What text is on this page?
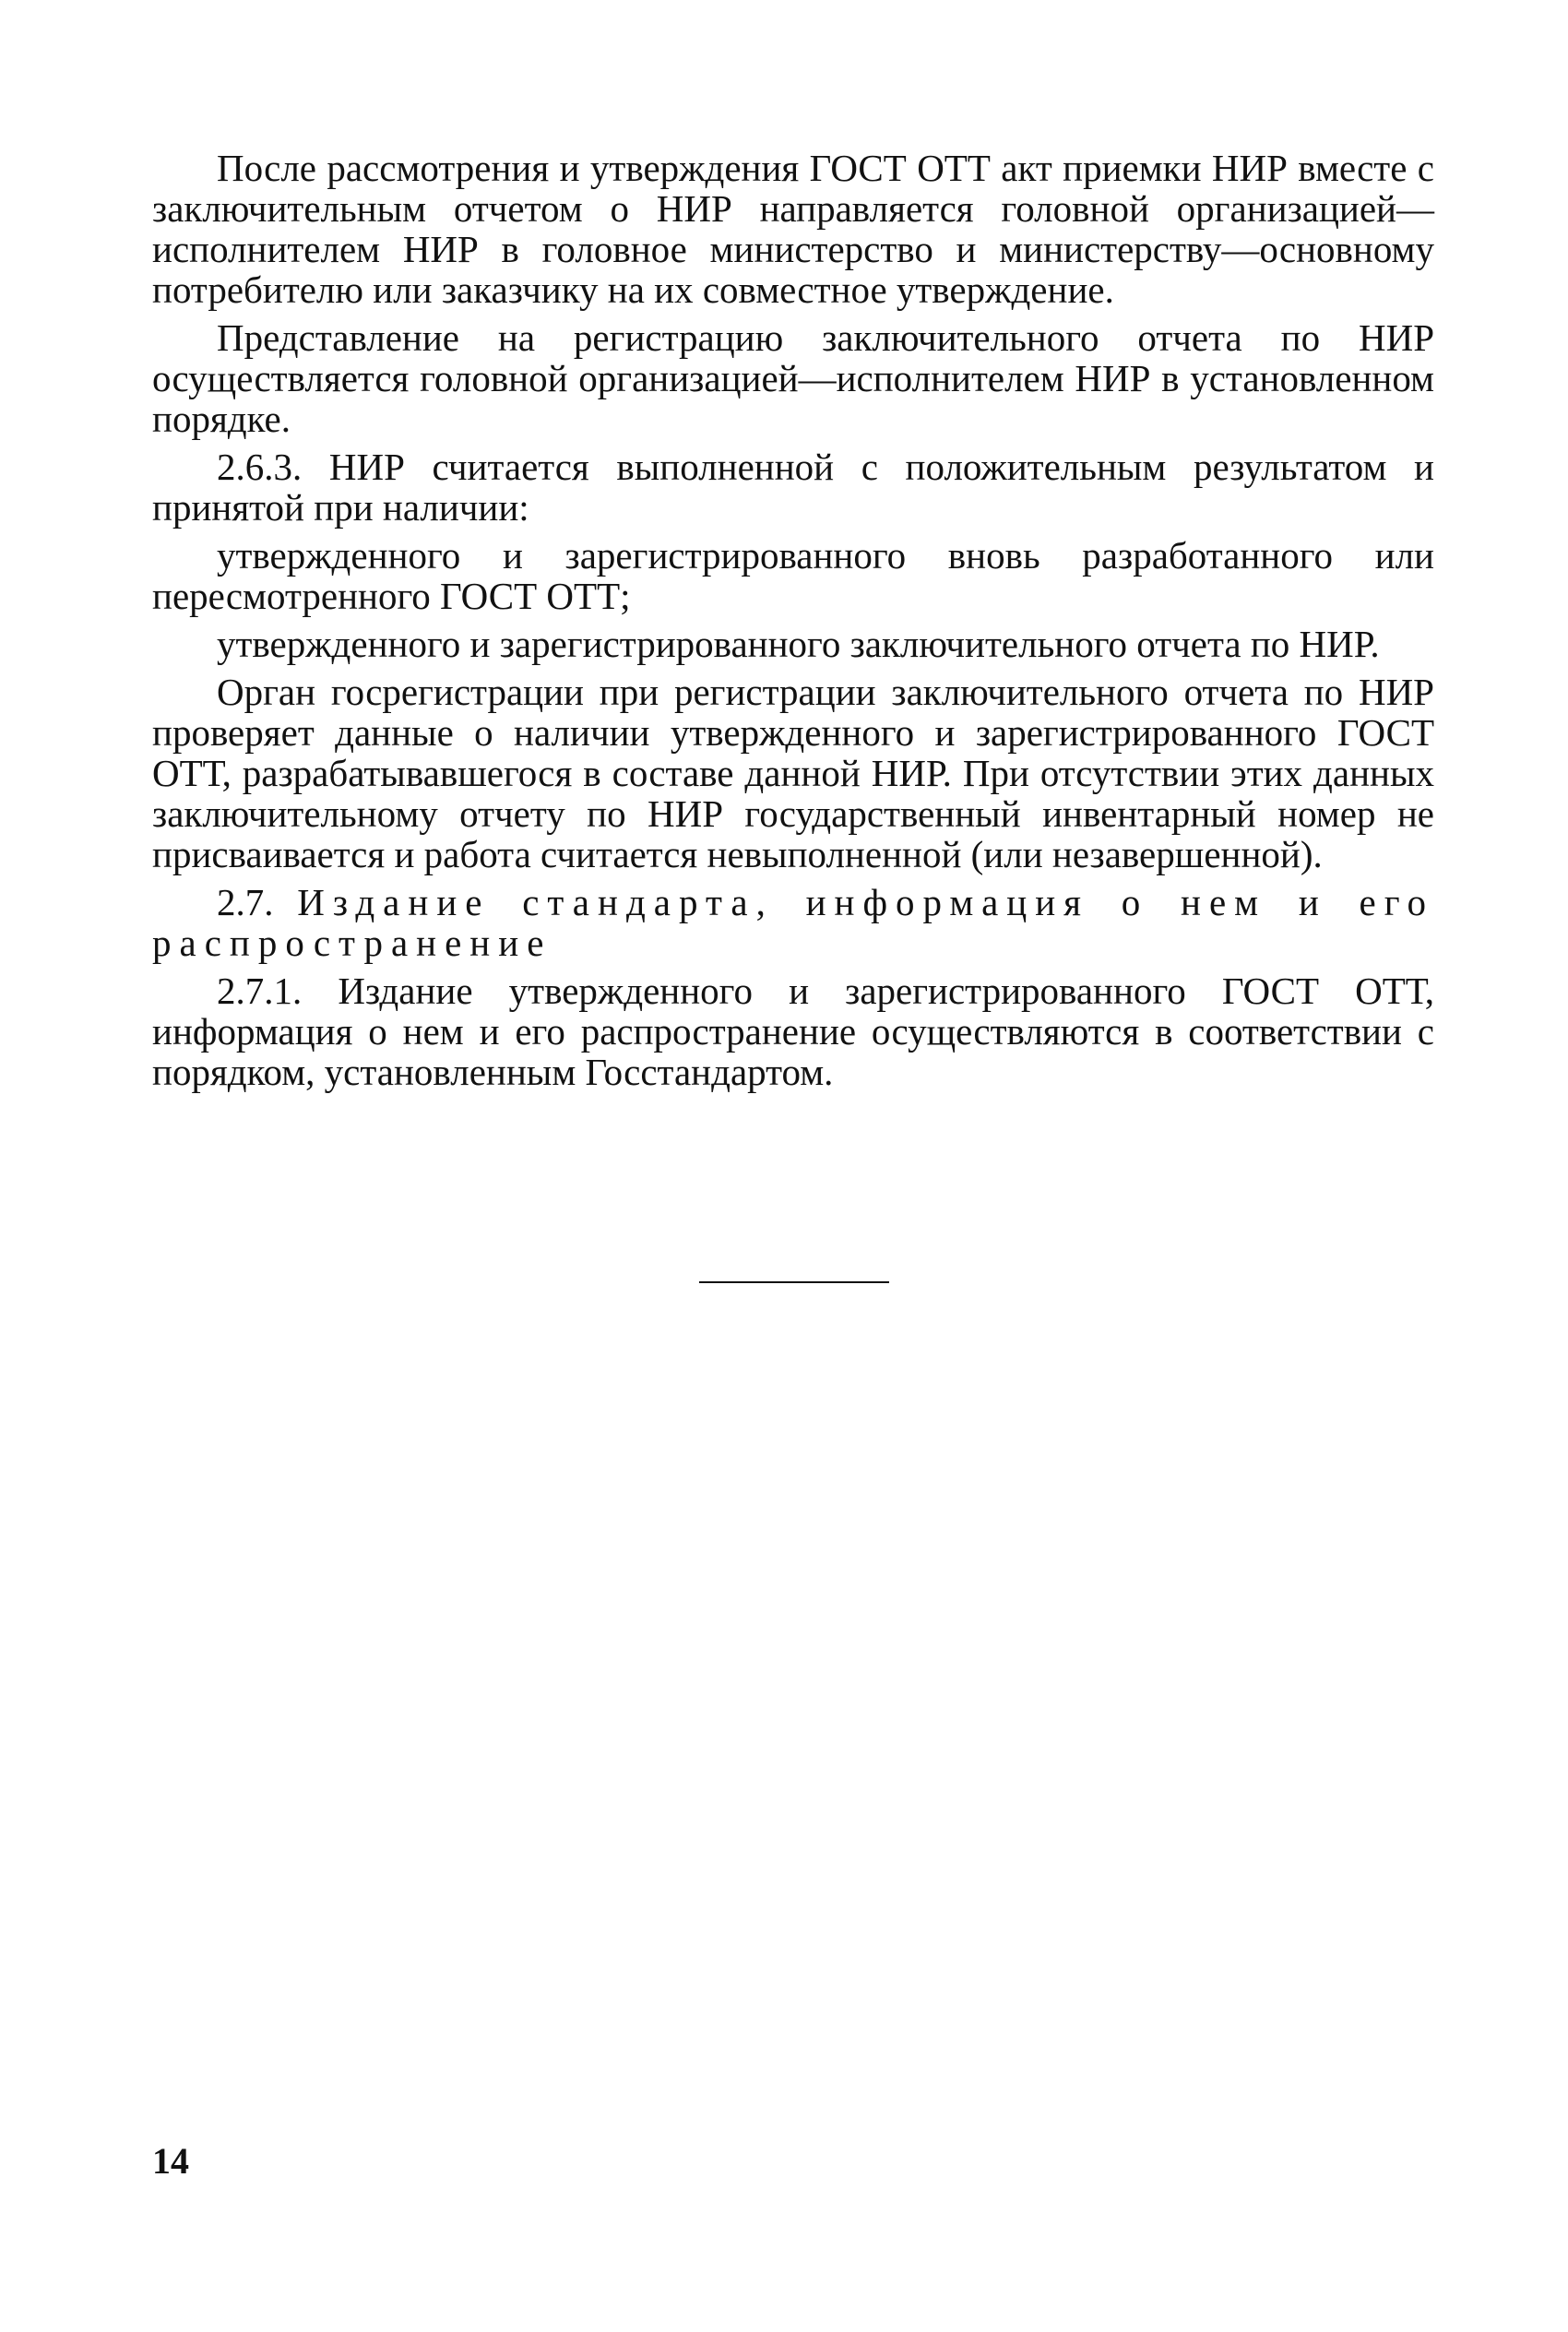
После рассмотрения и утверждения ГОСТ ОТТ акт приемки НИР вместе с заключительным отчетом о НИР направляется головной организацией—исполнителем НИР в головное министерство и министерству—основному потребителю или заказчику на их совместное утверждение.

Представление на регистрацию заключительного отчета по НИР осуществляется головной организацией—исполнителем НИР в установленном порядке.

2.6.3. НИР считается выполненной с положительным результатом и принятой при наличии:

утвержденного и зарегистрированного вновь разработанного или пересмотренного ГОСТ ОТТ;

утвержденного и зарегистрированного заключительного отчета по НИР.

Орган госрегистрации при регистрации заключительного отчета по НИР проверяет данные о наличии утвержденного и зарегистрированного ГОСТ ОТТ, разрабатывавшегося в составе данной НИР. При отсутствии этих данных заключительному отчету по НИР государственный инвентарный номер не присваивается и работа считается невыполненной (или незавершенной).

2.7. Издание стандарта, информация о нем и его распространение

2.7.1. Издание утвержденного и зарегистрированного ГОСТ ОТТ, информация о нем и его распространение осуществляются в соответствии с порядком, установленным Госстандартом.

14
